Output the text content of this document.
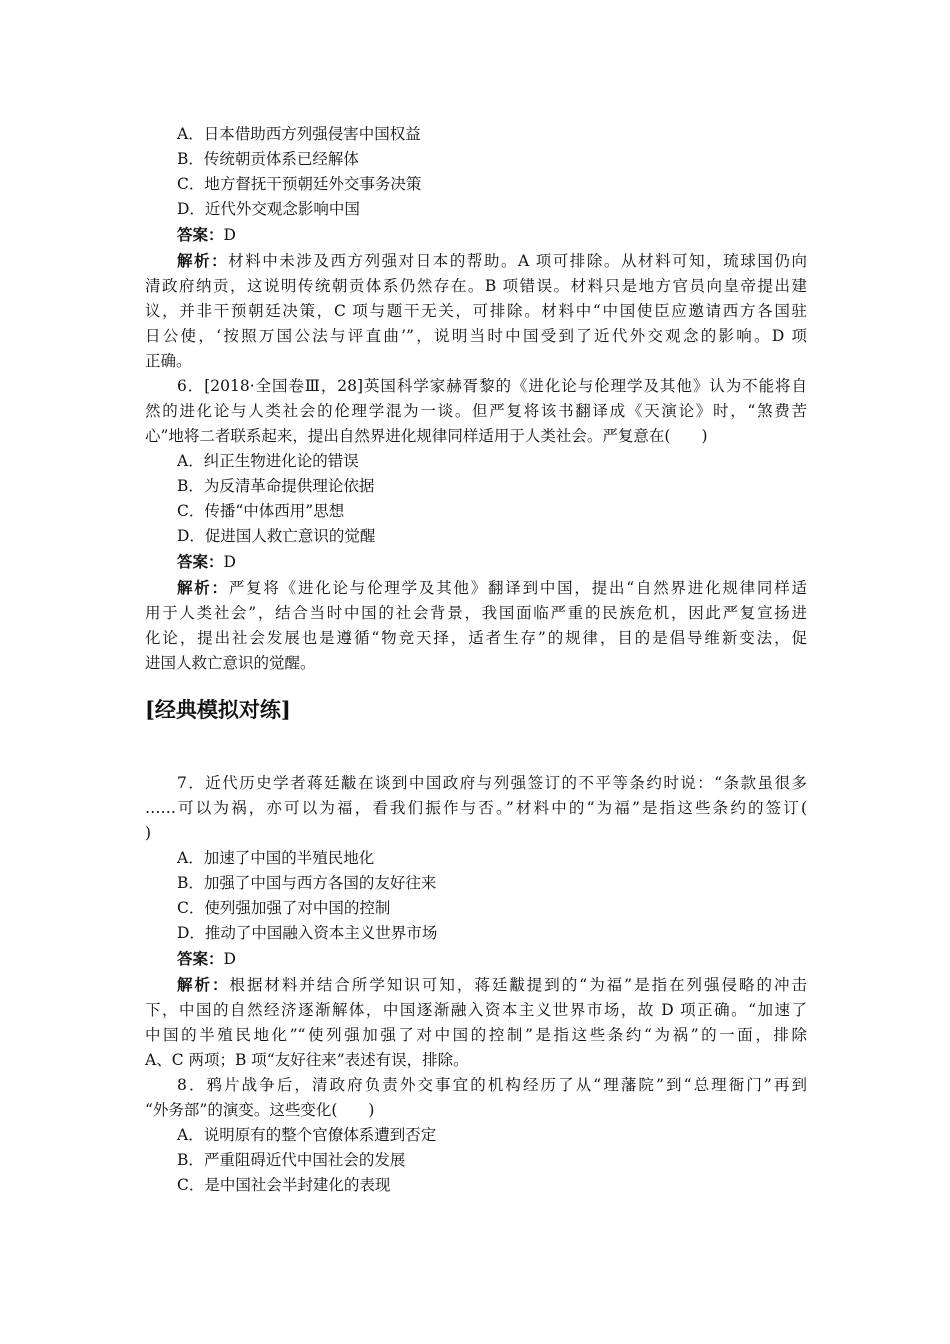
A．日本借助西方列强侵害中国权益
B．传统朝贡体系已经解体
C．地方督抚干预朝廷外交事务决策
D．近代外交观念影响中国
答案：D
解析：材料中未涉及西方列强对日本的帮助。A 项可排除。从材料可知，琉球国仍向
清政府纳贡，这说明传统朝贡体系仍然存在。B 项错误。材料只是地方官员向皇帝提出建
议，并非干预朝廷决策，C 项与题干无关，可排除。材料中“中国使臣应邀请西方各国驻
日公使，‘按照万国公法与评直曲’”，说明当时中国受到了近代外交观念的影响。D 项
正确。
6．[2018·全国卷Ⅲ，28]英国科学家赫胥黎的《进化论与伦理学及其他》认为不能将自
然的进化论与人类社会的伦理学混为一谈。但严复将该书翻译成《天演论》时，“煞费苦
心”地将二者联系起来，提出自然界进化规律同样适用于人类社会。严复意在(　　)
A．纠正生物进化论的错误
B．为反清革命提供理论依据
C．传播“中体西用”思想
D．促进国人救亡意识的觉醒
答案：D
解析：严复将《进化论与伦理学及其他》翻译到中国，提出“自然界进化规律同样适
用于人类社会”，结合当时中国的社会背景，我国面临严重的民族危机，因此严复宣扬进
化论，提出社会发展也是遵循“物竞天择，适者生存”的规律，目的是倡导维新变法，促
进国人救亡意识的觉醒。
[经典模拟对练]
7．近代历史学者蒋廷黻在谈到中国政府与列强签订的不平等条约时说：“条款虽很多
……可以为祸，亦可以为福，看我们振作与否。”材料中的“为福”是指这些条约的签订(
)
A．加速了中国的半殖民地化
B．加强了中国与西方各国的友好往来
C．使列强加强了对中国的控制
D．推动了中国融入资本主义世界市场
答案：D
解析：根据材料并结合所学知识可知，蒋廷黻提到的“为福”是指在列强侵略的冲击
下，中国的自然经济逐渐解体，中国逐渐融入资本主义世界市场，故 D 项正确。“加速了
中国的半殖民地化”“使列强加强了对中国的控制”是指这些条约“为祸”的一面，排除
A、C 两项；B 项“友好往来”表述有误，排除。
8．鸦片战争后，清政府负责外交事宜的机构经历了从“理藩院”到“总理衙门”再到
“外务部”的演变。这些变化(　　)
A．说明原有的整个官僚体系遭到否定
B．严重阻碍近代中国社会的发展
C．是中国社会半封建化的表现
